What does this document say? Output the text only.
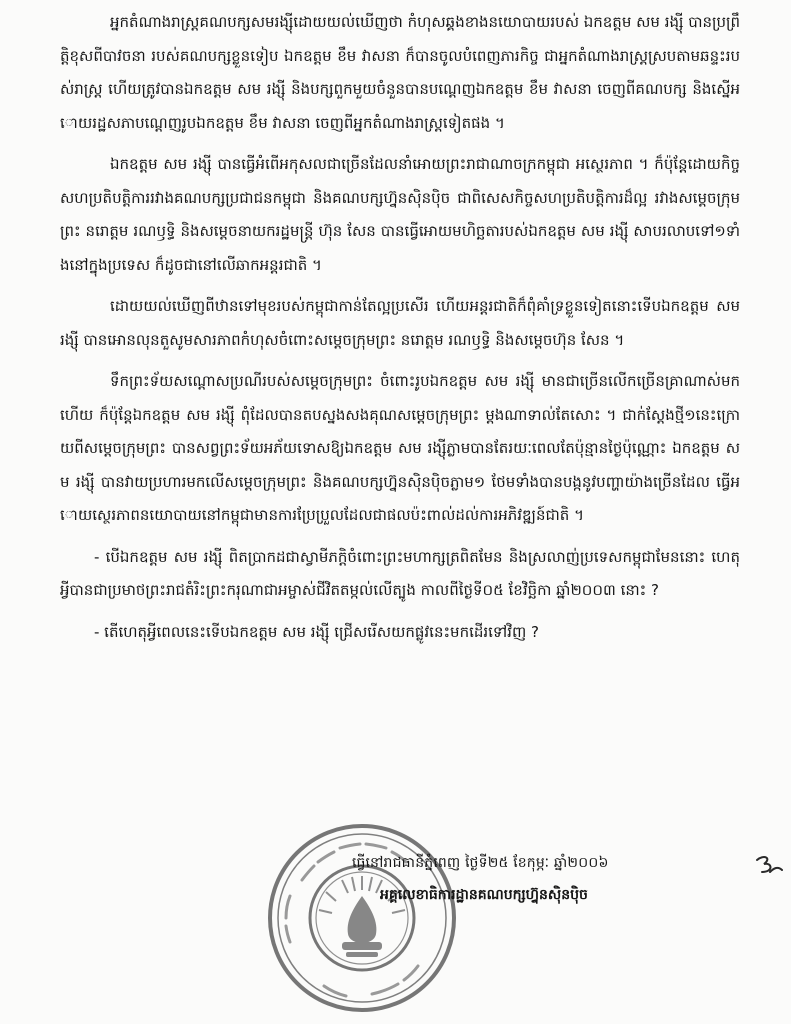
អ្នកតំណាងរាស្រ្តគណបក្សសមរង្ស៊ីដោយយល់ឃើញថា កំហុសឆ្គងខាងនយោបាយរបស់ ឯកឧត្តម សម រង្ស៊ី បានប្រព្រឹត្តិខុសពីបាវចនា របស់គណបក្សខ្លួនទៀប ឯកឧត្តម ខឹម វាសនា ក៏បានចូលបំពេញភារកិច្ច ជាអ្នកតំណាងរាស្រ្តស្របតាមឆន្ទះរបស់រាស្រ្ត ហើយត្រូវបានឯកឧត្តម សម រង្ស៊ី និងបក្សពួកមួយចំនួនបានបណ្តេញឯកឧត្តម ខឹម វាសនា ចេញពីគណបក្ស និងស្នើអោយរដ្ឋសភាបណ្តេញរូបឯកឧត្តម ខឹម វាសនា ចេញពីអ្នកតំណាងរាស្រ្តទៀតផង ។

ឯកឧត្តម សម រង្ស៊ី បានធ្វើអំពើអកុសលជាច្រើនដែលនាំអោយព្រះរាជាណាចក្រកម្ពុជា អស្ថេរភាព ។ ក៏ប៉ុន្តែដោយកិច្ចសហប្រតិបត្តិការរវាងគណបក្សប្រជាជនកម្ពុជា និងគណបក្សហ្វ៊ុនស៊ិនប៉ិច ជាពិសេសកិច្ចសហប្រតិបត្តិការដ៏ល្អ រវាងសម្តេចក្រុមព្រះ នរោត្តម រណឫទ្ធិ និងសម្តេចនាយករដ្ឋមន្ត្រី ហ៊ុន សែន បានធ្វើអោយមហិច្ឆតារបស់ឯកឧត្តម សម រង្ស៊ី សាបរលាបទៅ១ទាំងនៅក្នុងប្រទេស ក៏ដូចជានៅលើឆាកអន្តរជាតិ ។

ដោយយល់ឃើញពីឋានទៅមុខរបស់កម្ពុជាកាន់តែល្អប្រសើរ ហើយអន្តរជាតិក៏ពុំគាំទ្រខ្លួនទៀតនោះទើបឯកឧត្តម សម រង្ស៊ី បានអោនលុនតួសូមសារភាពកំហុសចំពោះសម្តេចក្រុមព្រះ នរោត្តម រណឫទ្ធិ និងសម្តេចហ៊ុន សែន ។

ទឹកព្រះទ័យសណ្តោសប្រណីរបស់សម្តេចក្រុមព្រះ ចំពោះរូបឯកឧត្តម សម រង្ស៊ី មានជាច្រើនលើកច្រើនគ្រាណាស់មកហើយ ក៏ប៉ុន្តែឯកឧត្តម សម រង្ស៊ី ពុំដែលបានតបស្នងសងគុណសម្តេចក្រុមព្រះ ម្តងណាទាល់តែសោះ ។ ជាក់ស្តែងថ្មី១នេះក្រោយពីសម្តេចក្រុមព្រះ បានសព្វព្រះទ័យអភ័យទោសឱ្យឯកឧត្តម សម រង្ស៊ីភ្លាមបានតែរយៈពេលតែប៉ុន្មានថ្ងៃប៉ុណ្ណោះ ឯកឧត្តម សម រង្ស៊ី បានវាយប្រហារមកលើសម្តេចក្រុមព្រះ និងគណបក្សហ្វ៊ុនស៊ិនប៉ិចភ្លាម១ ថែមទាំងបានបង្កនូវបញ្ហាយ៉ាងច្រើនដែល ធ្វើអោយស្ថេរភាពនយោបាយនៅកម្ពុជាមានការប្រែប្រួលដែលជាផលប៉ះពាល់ដល់ការអភិវឌ្ឍន៍ជាតិ ។

- បើឯកឧត្តម សម រង្ស៊ី ពិតប្រាកដជាស្វាមីភក្តិចំពោះព្រះមហាក្សត្រពិតមែន និងស្រលាញ់ប្រទេសកម្ពុជាមែននោះ ហេតុអ្វីបានជាប្រមាថព្រះរាជតំរិះព្រះករុណាជាអម្ចាស់ជីវិតតម្កល់លើត្បូង កាលពីថ្ងៃទី០៥ ខែវិច្ឆិកា ឆ្នាំ២០០៣ នោះ ?

- តើហេតុអ្វីពេលនេះទើបឯកឧត្តម សម រង្ស៊ី ជ្រើសរើសយកផ្លូវនេះមកដើរទៅវិញ ?

ធ្វើនៅរាជធានីភ្នំពេញ ថ្ងៃទី២៥ ខែកុម្ភៈ ឆ្នាំ២០០៦
អគ្គលេខាធិការដ្ឋានគណបក្សហ្វ៊ុនស៊ិនប៉ិច
